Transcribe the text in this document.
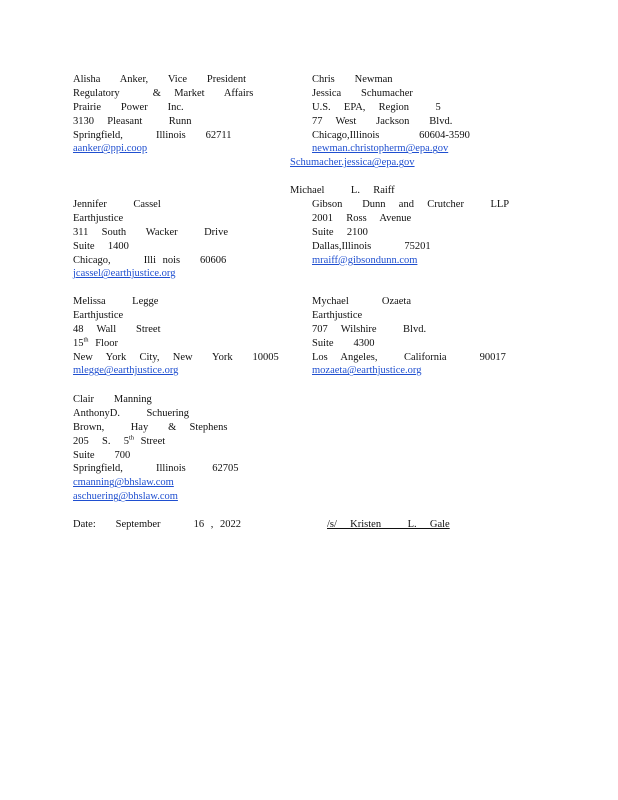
Alisha   Anker,   Vice   President
Regulatory     &  Market   Affairs
Prairie   Power   Inc.
3130  Pleasant    Runn
Springfield,     Illinois   62711
aanker@ppi.coop
Chris   Newman
Jessica   Schumacher
U.S.  EPA,  Region    5
77  West   Jackson   Blvd.
Chicago,Illinois      60604-3590
newman.christopherm@epa.gov
Schumacher.jessica@epa.gov
Michael    L.  Raiff
Gibson   Dunn  and  Crutcher    LLP
2001  Ross  Avenue
Suite  2100
Dallas,Illinois     75201
mraiff@gibsondunn.com
Jennifer    Cassel
Earthjustice
311  South   Wacker    Drive
Suite  1400
Chicago,     Illi nois   60606
jcassel@earthjustice.org
Melissa    Legge
Earthjustice
48  Wall   Street
15th Floor
New  York  City,  New   York   10005
mlegge@earthjustice.org
Mychael     Ozaeta
Earthjustice
707  Wilshire    Blvd.
Suite   4300
Los  Angeles,    California     90017
mozaeta@earthjustice.org
Clair   Manning
AnthonyD.    Schuering
Brown,    Hay   &  Stephens
205  S.  5th Street
Suite   700
Springfield,     Illinois    62705
cmanning@bhslaw.com
aschuering@bhslaw.com
Date:   September     16 , 2022	/s/  Kristen    L.  Gale
